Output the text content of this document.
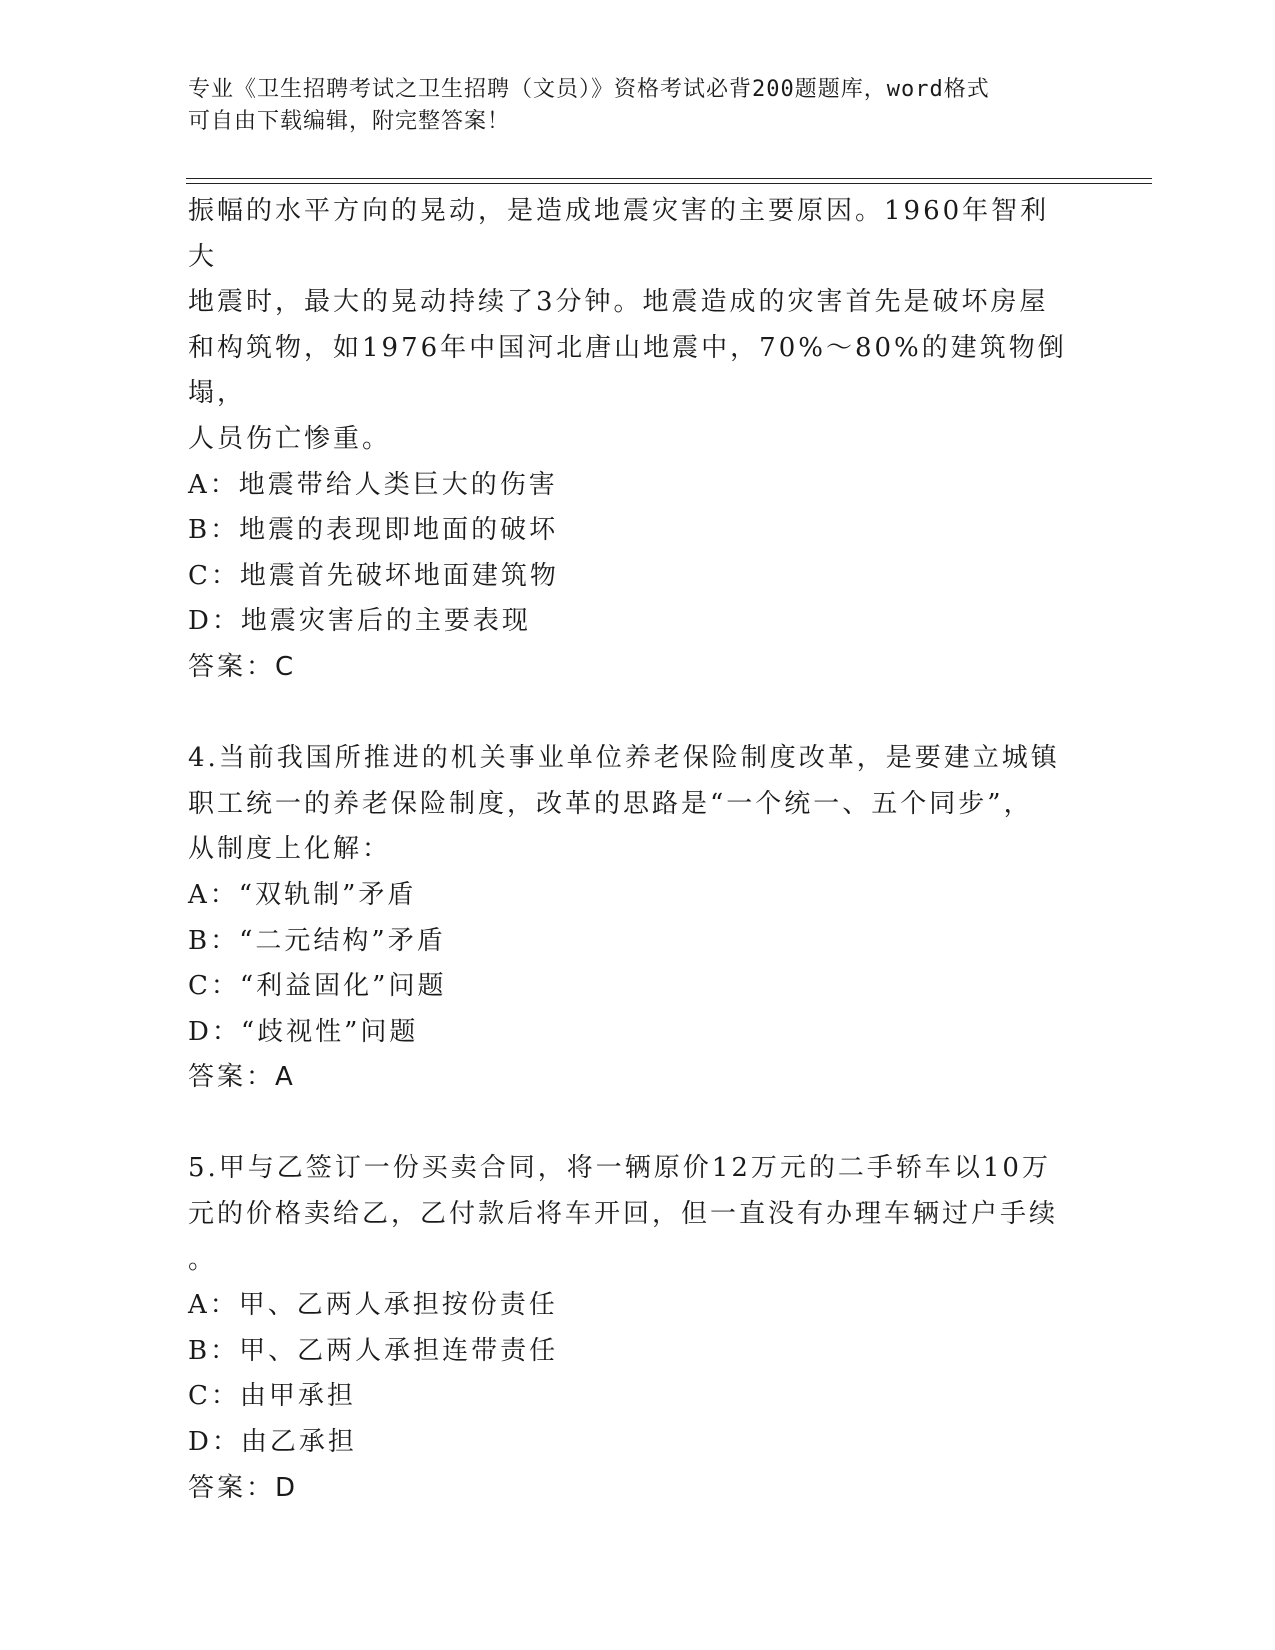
专业《卫生招聘考试之卫生招聘（文员）》资格考试必背200题题库，word格式
可自由下载编辑，附完整答案！

振幅的水平方向的晃动，是造成地震灾害的主要原因。1960年智利大

地震时，最大的晃动持续了3分钟。地震造成的灾害首先是破坏房屋

和构筑物，如1976年中国河北唐山地震中，70%～80%的建筑物倒塌，

人员伤亡惨重。

A：地震带给人类巨大的伤害

B：地震的表现即地面的破坏

C：地震首先破坏地面建筑物

D：地震灾害后的主要表现

答案：C

4.当前我国所推进的机关事业单位养老保险制度改革，是要建立城镇

职工统一的养老保险制度，改革的思路是“一个统一、五个同步”，

从制度上化解：

A：“双轨制”矛盾

B：“二元结构”矛盾

C：“利益固化”问题

D：“歧视性”问题

答案：A

5.甲与乙签订一份买卖合同，将一辆原价12万元的二手轿车以10万

元的价格卖给乙，乙付款后将车开回，但一直没有办理车辆过户手续

。

A：甲、乙两人承担按份责任

B：甲、乙两人承担连带责任

C：由甲承担

D：由乙承担

答案：D
